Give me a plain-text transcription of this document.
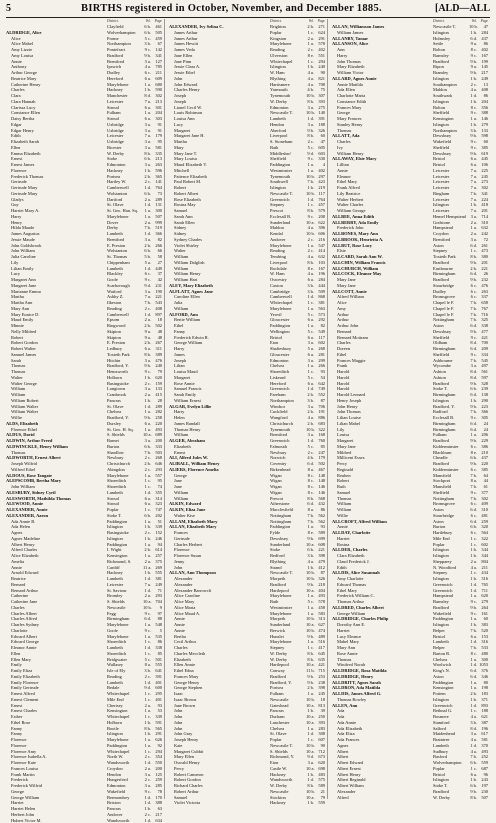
5	BIRTHS registered in October, November, and December 1885.	[ALD—ALL
District.	Vol.	Page
Clayfield	6 b. 461
ALDRIDGE, Alice	Wolverhampton	6 b. 505
Alice	Frome	5 c. 459
Alice Mabel	Northampton	3 b.	67
Amy Lizzie	Pontefract	9 c. 142
Amy Louisa	Bradford	9 b. 341
Annie	Brentford	3 a. 127
Anthony	Ipswich	4 a. 785
Arthur George	Dudley	6 c.	211
Beatrice Mary	Hereford	6 a. 609
Catherine Henry	Marylebone	1 a. 680
Charles	Hackney	1 b. 590
Clara	Manchester	8 d. 302
Clara Hannah	Leicester	7 a. 213
Clarissa Lucy	Stroud	6 a. 301
Constance Ellen	Fulham	1 a. 204
Daisy Bertha	Stroud	6 a. 303
Edgar	Uxbridge	3 a.	91
Edgar Henry	Uxbridge	3 a.	91
Edith	Leicester	7 a. 179
Elizabeth Sarah	Uxbridge	3 a.	95
Ellen	Bicester	3 a. 581
Emma Elizabeth	W. Derby	8 b. 335
Ernest	Stoke	6 b. 213
Ernest James	Edmonton	3 a. 263
Florence	Hackney	1 b. 596
Frederick Thomas	Portsea	2 b. 365
Gertrude	Hartley W.	2 c. 141
Gertrude Mary	Camberwell	1 d. 764
Gertrude Mary	Wolstanton	6 b.	73
Gladys	Dartford	2 a. 289
Guy	St. Olave	1 d. 131
Harriet Mary A.	St. Geo. Han. Sq.	1 a. 300
Harry	Marylebone	1 a. 507
Henry	Dover	2 a. 999
Hilda Maude	Derby	7 b. 519
James Augustus	Lambeth	1 d. 366
Jessie Maude	Brentford	3 a.	82
John Goldsbrook	E. Preston	2 b. 266
John William	Wolstanton	6 b.	66
Julia Caroline	St. Thomas	5 b.	58
Lily	Chippenham	5 a.	27
Lilian Emily	Lambeth	1 d. 449
Lucy	Blackley	6 c.	37
Margaret Ann	Goole	9 c.	42
Margaret Jane	Scarborough	9 d. 231
Marianne Emma	Watford	3 a. 190
Martha	Ashby Z.	7 a. 221
Martha Ann	Ilkeston	7 b. 543
Mary Ann	Reading	2 c. 408
Mary Eunice D.	Camberwell	1 d. 897
Maud Emily	Epsom	2 a.	18
Minnie	Ringwood	2 b. 502
Nelly Mildred	Skipton	9 a.	48
Robert	Skipton	9 a.	48
Robert Gordon	E. Preston	2 b. 267
Robert Walter	Ledbury	6 a.	311
Samuel James	Toxteth Park	8 b. 389
Sarah	Hitchin	3 a. 476
Thomas	Bradford, Y.	9 b. 240
Thomas	Hemsworth	9 c.	79
Walter	Holborn	1 b. 620
Walter George	Basingstoke	2 c. 159
William	Longtown	3 a. 133
William	Cranbrook	2 a. 415
William Robert	Pancras	1 b.	28
William Walter	St. Olave	1 d. 289
William Walter	Chelsea	1 a. 282
Willie	Bradford, Y.	9 b. 258
ALDS, Elizabeth	Dursley	6 a. 220
Florence Ethel	St. Geo. H. Sq.	1 a. 493
ALDUS, David	S. Shields	10 a. 689
ALDWIN, Arthur Freed	Barnet	3 a. 200
ALDWINCKLE, Henry William	Burton	6 b. 333
Thomas	Shardlow	7 b. 503
ALDWORTH, Ernest Albert	Newbury	2 c. 268
Joseph Wilfrid	Christchurch	2 b. 646
Wilfred Ethel	Abingdon	2 c. 293
ALDOUS, Rose Tangate	Marylebone	1 a. 557
ALEPSCOMB, Bertha Mary	Shoreditch	1 c.	95
John William	Shoreditch	1 c.	74
ALESBURY, Sidney Cyril	Lambeth	1 d. 355
ALESWORTH, Mathilda Thomas	Stroud	6 a. 314
ALEWOOD, Annie	Stroud	6 a. 323
ALEXANDER, Annie	Poplar	1 c. 747
ALEXANDER, Aaron	Stoke T.	6 b. 202
Ada Annie B.	Paddington	1 a.	51
Ada Helen	Islington	1 b. 339
Agnes	Basingstoke	2 c. 152
Agnes Madeline	Islington	1 b. 246
Albert Henry	Paddington	1 a.	94
Alfred Charles	I. Wight	2 b. 614
Alice Elizabeth	Kensington	1 a. 257
Amelia	Richmond, S.	2 a. 375
Annie	Cardiff	11 a. 269
Arnold Edward	Hackney	1 b. 555
Beatrice	Lambeth	1 d. 381
Bernard	Leicester	7 a. 249
Bernard Arthur	St. Saviour	1 d.	71
Catherine	Bromley	2 a. 293
Catherine Jane	S. Shields	10 a. 704
Charles	Newcastle	10 b.	9
Charles Albert	Fegg	9 c.	97
Charles Alfred	Birmingham	6 d.	88
Charles Sydney	Marylebone	1 a. 548
Charlotte	Goole	9 c.	5
Edward Albert	Marylebone	1 a. 535
Edward George	Shoreditch	1 c.	86
Eleanor Annie	Lambeth	1 d. 338
Ellen	Shoreditch	1 c.	85
Ellen Mary	Bridgwater	5 c. 501
Emily	Wallasey	8 a. 555
Emily Eliza	Isle of Ely	3 b. 641
Emily Elizabeth	Reading	2 c. 391
Emily Florence	Lambeth	1 d. 401
Emily Gertrude	Bedale	9 d. 600
Ernest Alfred	Whitechapel	1 c. 295
Ernest Clement	Mile End	1 c. 401
Ernest	Chertsey	2 a.	93
Ernest Charles	Kensington	1 a.	53
Esther	Whitechapel	1 c. 339
Ethel Rose	Holborn	1 b. 591
Fanny	Bootle	8 b. 565
Fanny	Islington	1 b. 291
Florence	Marylebone	1 a. 626
Florence	Paddington	1 a.	92
Florence Amy	Whitechapel	1 c. 294
Florence Isabella A.	North W.	2 c. 354
Florence Kate	Wandsworth	1 d. 550
Frances Louisa	Croydon	2 a. 200
Frank Martin	Hendon	3 a. 125
Frederick	Hungerford	2 c. 259
Frederick Wilfrid	Edmonton	3 a. 285
George	Wakefield	9 c.	78
George William	Bermondsey	1 d. 170
Harriet	Brixton	1 d. 388
Harriet Helen	Pancras	1 b.	63
Herbert John	Andover	2 c. 217
Hubert Victor M.	Wandsworth	1 d. 634
District.	Vol.	Page
ALEXANDER, Ivy Selina C.	Brighton	2 b. 271
James Arthur	Poplar	1 c. 624
James Arthur	Kingston	2 a. 291
James Hewitt	Marylebone	1 a. 578
James Veda	Reading	2 c. 402
Jane Ellen	Ulverston	8 e. 551
Jane Pinn	Whitechapel	1 c. 294
Jessie Clara A.	Islington	1 b. 240
Jessie Ethel	W. Ham	4 a.	90
John	Blything	4 a. 821
John Edward	Hartismere	4 a. 708
Charles Henry	Yarmouth	4 b.	75
Joseph	Tynemouth	10 b. 307
Joseph	W. Derby	8 b. 393
Lionel Cecil W.	Edmonton	3 a. 275
Louis Robinson	Newcastle T.	10 b. 140
Louisa Ann	Lambeth	1 d. 391
Lucy	Hendon	3 a. 188
Margaret	Aberford	9 b. 326
Margaret Jane H.	Liverpool	8 b.	60
Martha	S. Stoneham	2 c.	47
Mary	Bath	5 c. 605
Mary Jane T.	Middlesbro'	9 d. 603
Mary Louisa	Sheffield	9 c. 330
Maud Elizabeth V.	Paddington	1 a.	4
Mitchell	Westminster	1 a. 402
Patience Elizabeth	Tynemouth	10 b. 297
Paul Robert M.	Southwell	7 b. 423
Robert	Islington	1 b. 219
Robert Albert	Newcastle T.	10 b. 117
Rose Elizabeth	Greenwich	1 d. 764
Rosina May	Stepney	1 c. 457
Samuel	Prescot	8 b. 579
Sarah Ann	Ecclesall B.	9 c. 208
Sarah Ellen	Sunderland	10 a. 622
Sidney	Maldon	4 a. 396
Sidney	Kendal	10 b. 606
Sydney Charles	Andover	2 c. 216
Violet Shirley	Marylebone	1 a. 547
Walter	Reading	2 c. 414
William	Tendring	4 a. 632
William Dalglish	Liverpool	8 b. 103
William	Rochdale	8 e. 167
William Henry	W. Ham	4 a. 196
William Hart	Oswestry	6 a. 284
ALEY, Mary Elizabeth	Caxton	3 b. 444
ALFLATT, Agnes Jane	Cambridge	3 b. 509
Caroline Ellen	Camberwell	1 d. 868
Julia	Whitechapel	1 c. 381
William	Marylebone	1 a. 563
ALFORD, Ann	Yeovil	5 c. 573
Bertie William	Gloucester	6 a. 292
Ethel	Paddington	1 a.	82
Fanny	Wellington	5 c. 549
Frederick Edwin R.	Bristol	6 a.	117
George William	Eton	3 a. 602
Harry	Shaftesbury	5 a. 268
James	Gloucester	6 a. 281
Joseph	Edmonton	3 a. 299
Lilian	Chelsea	1 a. 266
Louisa Maud	Shoreditch	1 c.	93
Margaret	Liskeard	5 c.	54
Rose Annie	Hereford	6 a. 642
Samuel Francis	Greenwich	1 d. 749
Sarah Emily	Fareham	2 b. 552
William Ernest	Northampton	3 b.	87
ALGAR, Evelyn Lillie	Windsor	3 a. 706
Harry	Cuckfield	2 b. 191
Helen	Wangford	4 a. 886
James Randall	Christchurch	2 b. 683
Thomas Henry	Tynemouth	10 b. 322
William	Brentford	3 a. 168
ALGER, Abraham	Greenwich	1 d. 760
Elizabeth	Falmouth	5 c.	85
Ernest	Newbury	2 c. 247
ALI, Alfred Jules W.	Norwich	4 b. 179
ALIBALL, William Henry	Coventry	6 d. 502
ALIERS, Florence Amelia	Birkenhead	8 a. 467
George	Wigan	8 c. 148
Jane	Wigan	8 c. 148
Jane	Wigan	8 c. 146
William	Wigan	8 c. 146
William	Prescot	8 b. 568
ALKIN, Edward	Atherstone	6 d. 432
ALKIN, Eliza Jane	Macclesfield	8 a.	86
Walter Kise	Nottingham	7 b. 562
ALLAM, Elizabeth Mary	Nottingham	7 b. 562
ALLAN, Elizabeth Mary	Paddington	1 a.	93
Frances	Fylde	8 e. 589
Gertrude	Dewsbury	9 b. 699
Charles Herbert	Sunderland	10 a. 608
Florence	Stoke	6 b. 221
Florence Susan	Bedford	3 b. 398
Jenny	Blything	4 a. 479
John	Strand	1 b. 412
ALLAN, Ann Thompson	Newcastle T.	10 b.	87
Alexander	Morpeth	10 b. 326
Alexander	Bradford	9 b. 218
Alexander Barrowcli	Hartlepool	10 a. 404
Alice Caroline	Marylebone	1 a. 493
Alice Mary	Bath	5 c. 578
Alice Maria	Westminster	1 a. 458
Alice Maud A.	Marylebone	1 a. 583
Annie	Morpeth	10 b. 313
Annie	Sunderland	10 a. 627
Annie	Berwick	10 b. 474
Bertha	Hunslet	9 b. 489
Cecil Arthur	Marylebone	1 a. 516
Charles	Stepney	1 c. 417
Charles Meccleth	W. Derby	8 b. 645
Elizabeth	W. Derby	8 b. 635
Ellen Annie	Hartlepool	10 a. 421
Ethel Edna	Conway	11 b. 715
Frances Mary	Bradford	9 b. 253
George Henry	Bradford, Y.	9 b. 238
George Stephen	Portsea	2 b. 398
Isaac	Fulham	1 a. 245
Isaac Brown	Newcastle	10 b.	18
Jane Brown	Gateshead	10 a. 813
John	Pancras	1 b.	39
John	Durham	10 a. 250
John	Lanchester	10 a. 393
John	Chelsea	1 a. 283
John Gray	St. Olave	1 d. 308
Joseph Henry	Poplar	1 c. 607
Kate	Newcastle T.	10 b.	90
Margaret Cubbit	S. Shields	10 a. 712
Mary Ellen	Richmond, Y.	9 d. 673
Oswald Henry	Eton	3 a. 620
Percy	Castle W.	10 a. 698
Robert Cameron	Hackney	1 b. 483
Robert Gordon	Wandsworth	1 d. 575
Richard Charles	W. Derby	8 b. 589
Robert Arthur	Newcastle	10 b.	21
Samuel	Stockton	10 a.	79
Violet Victoria	Hackney	1 b. 559
District.	Vol.	Page
ALLAN, Williamson James	Newcastle T.	10 b.	47
William James	Islington	1 b. 284
ALLANBY, Tamar	Holmsley	6 d. 437
ALLANSON, Alice	Settle	9 a.	86
Ann	Bolton	8 c. 402
Harry	Barnsley	9 c. 167
John Thomas	Bradford	9 b. 199
Mary Elizabeth	Ripon	9 a. 145
William Victor	Bramley	9 b. 217
ALLARD, Agnes Annie	Islington	1 b. 249
Annie Matilda	Southampton	2 c.	13
Ada Ellen	Maldon	4 a. 408
Charlotte Maria	Southwark	1 d.	86
Constance Edith	Islington	1 b. 204
Frances Mary	Bolton	8 c. 356
George	Sheffield	9 c. 388
Mary Frances	Kensington	1 a. 146
Stanley Henry	Islington	1 b. 279
Thomas	Northampton	3 b. 133
ALLATT, Ada	Dewsbury	9 b. 598
Charles	Wakefield	9 c.	60
Ivy	Sheffield	9 c. 385
William Henry	Dewsbury	9 b. 619
ALLAWAY, Elsie Mary	Bristol	6 a. 445
Lillian	Bristol	6 a. 106
Annie	Leicester	7 a. 225
Eleanor	Leicester	7 a. 245
Ethel Mary	Leicester	7 a. 273
Frank Alfred	Leicester	7 a. 302
Lily Beatrice	Bingham	7 b. 341
Walter Herbert	Leicester	7 a. 224
Walter Charles	Islington	1 b. 418
William George	Leicester	7 a. 201
ALLBEE, Anna Edith	Hemel Hempstead	3 a. 714
ALLBERRY, Ada Emily	Godstone	2 a. 310
Frederick John	Hampstead	1 a. 632
ALLBONES, Mary Ann	Croydon	2 a. 242
ALLBROOK, Henrietta A.	Brentford	3 a.	72
ALLBUT, Rose Lucy	Aston	6 d. 261
Elsie	Stepney	1 c. 473
ALLCARD, Sarah Ann W.	Toxteth Park	8 b. 380
ALLCHIN, William Francis	Bradford	9 b. 201
ALLCHURCH, William	Eastbourne	2 b. 221
ALLCOCK, Eleanor May	Birmingham	6 d.	26
Mary Jane	Bradford	9 b. 232
Mary Jane	Stourbridge	6 c. 476
ALLCOTT, Annie	Dudley	6 c. 263
Alfred William	Bromsgrove	6 c. 337
Alice	Chapel le F.	7 b. 658
Amy	Chapel le F.	7 b. 767
Arthur	Chapel le F.	7 b. 716
Arthur	Nottingham	7 b. 325
Arthur John	Aston	6 d. 338
Bernard	Dewsbury	9 b. 477
Bernard Mottram	Sheffield	9 c. 421
Charles	Oldham	8 d. 700
Doreen	Birmingham	6 d. 209
Ethel	Sheffield	9 c. 334
Frances Maggie	Ashbourne	7 b. 545
Frank	Wycombe	3 a. 497
Harold	Ashton	8 d. 561
Harold	Ashton	8 d. 597
Harold	Bradford	9 b. 328
Harold	Stoke T.	6 b. 239
Harold Leonard	Birmingham	6 d. 138
Henry Joseph	Islington	1 b. 290
John Henry	Bradford, Y.	9 b. 223
John Thomas	Radford	7 b. 366
Lilian Louise	Ecclesall B.	9 c. 305
Lilian Mabel	Birmingham	6 d.	24
Lily	Birmingham	6 d.	24
Louisa	Fulham	1 a. 206
Margaret	Bradford	9 b. 229
Mary Jane	Kidderminster	6 c. 386
Mildred	Blackburn	8 e. 210
Millicent Essex	Cheadle	6 b. 437
Percy	Bradford	9 b. 220
Reginald	Kidderminster	6 c. 385
Reuben	Mansfield	7 b.	64
Robert	Stockport	8 a.	44
Ruth	Mansfield	7 b.	61
Samuel	Sheffield	9 c. 377
Thomas	Nottingham	7 b. 302
William	Bromsgrove	6 c. 409
William	Aston	6 d. 310
Willie	Stourbridge	6 c. 481
ALLCROFT, Alfred William	Aston	6 d. 259
Annie	Burton	6 b. 320
ALLDAY, Charlotte	Hartlebury	6 c. 564
Harriet	Mile End	1 c. 322
Rosina	Poplar	1 c. 602
ALLDER, Charles	Islington	1 b. 344
Clara Elizabeth	Islington	1 b. 344
Claud Frederick J.	Shepparey	2 a. 804
Edith	N. Woodford	4 a.	211
ALLDIS, Alice Susannah	Stepney	1 c. 434
Amy Charlotte	Islington	1 b. 316
Edward Thomas	Greenwich	1 d. 765
Ethel Mary	Greenwich	1 d.	711
Frederick William C.	Hampstead	1 a. 620
Thomas Arthur	Barnsley	9 c. 279
ALLDRED, Charles Albert	Bradford	9 b. 264
George William	Wakefield	9 c. 161
ALLDRIDGE, Charles Philip	Paddington	1 a.	60
Dorothy Ann E.	Islington	1 b. 383
Harriet	Belper	7 b. 520
Lucy Eleanor	Bristol	6 a. 153
Mabel Mary	Lambeth	1 d. 316
Mary Ann	Belper	7 b. 533
Rose Annie	Barton R.	8 c. 480
Thomas	Chelsea	1 a. 300
Winifred Norah	Woolwich	1 d. 1053
ALLDRIDGE, Rosa Matilda	King's N.	6 d. 376
ALLDRIDGE, Henry	Aston	6 d. 346
ALLDRITT, Agnes Sarah	Paddington	1 a.	80
ALLDRON, Ada Matilda	Kensington	1 a. 198
ALLDIS, James Alfred G.	Pottem	2 b. 183
Thomas Rowley	Islington	1 b. 371
ALLEN, Ann	Greenwich	1 d. 893
Ada	Bethnal G.	1 c. 188
Ada	Bosmere	4 a. 621
Ada Annie	Stamford	3 b. 387
Ada Elizabeth	Salford	8 d. 196
Ada Eliza	Maidenhead	3 a. 617
Ada Frances	Braintree	4 a. 581
Agnes	Lambeth	1 d. 370
Albert	Sudbury	4 a. 493
Albert	Basford	7 b. 252
Albert Edward	Wolverhampton	6 b. 559
Albert Ernest	Poplar	1 c. 687
Albert Henry	Bristol	6 a.	96
Albert Reginald	Islington	1 b. 243
Albert William	Stoke T.	6 b. 197
Alexander	Bradford	9 b. 230
Alfred	W. Derby	8 b. 507
